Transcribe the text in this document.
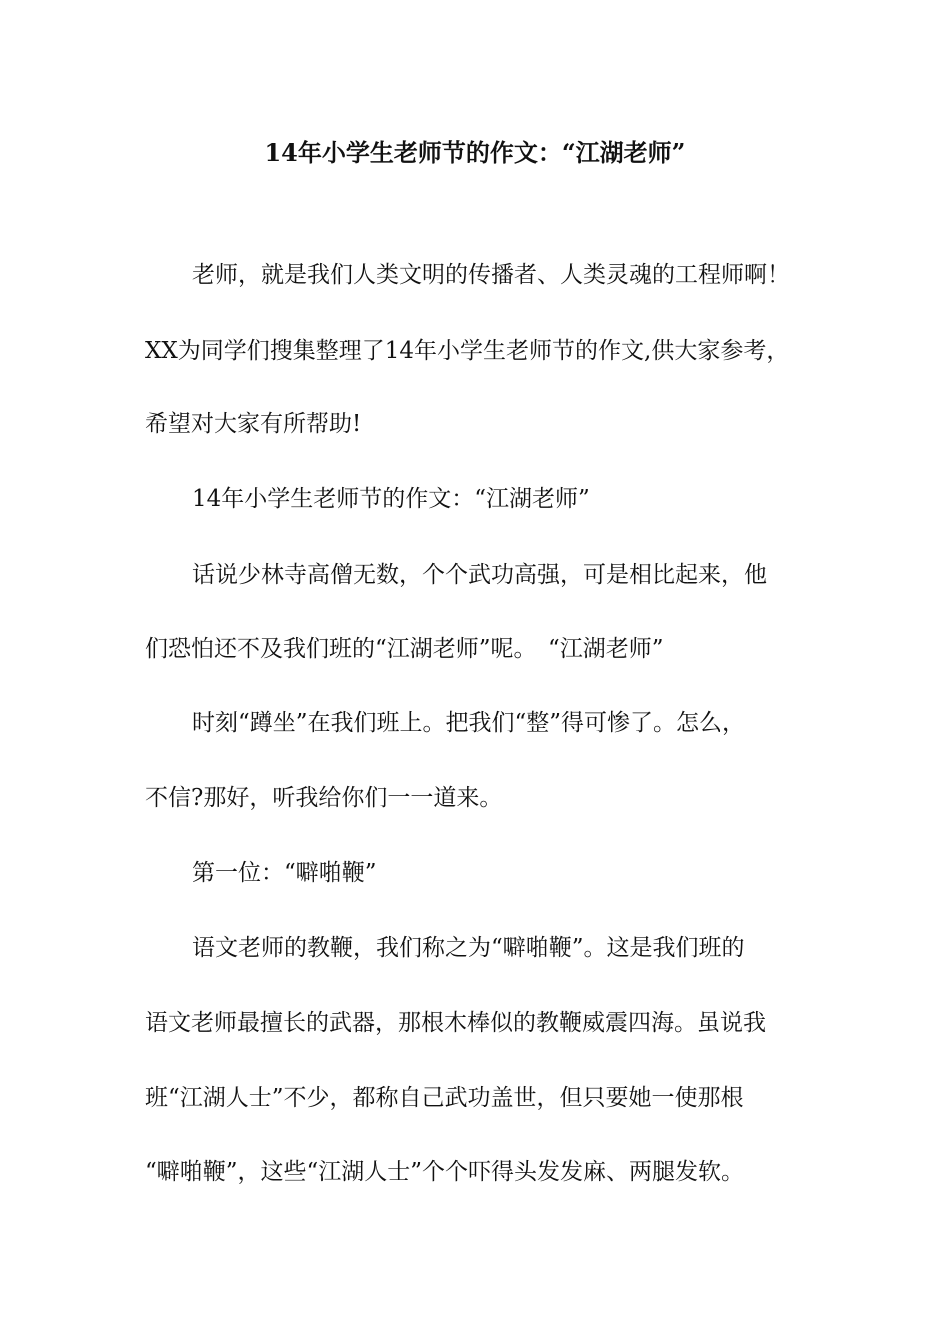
14年小学生老师节的作文：“江湖老师”
老师，就是我们人类文明的传播者、人类灵魂的工程师啊！
XX为同学们搜集整理了14年小学生老师节的作文,供大家参考，
希望对大家有所帮助!
14年小学生老师节的作文：“江湖老师”
话说少林寺高僧无数，个个武功高强，可是相比起来，他
们恐怕还不及我们班的“江湖老师”呢。　“江湖老师”
时刻“蹲坐”在我们班上。把我们“整”得可惨了。怎么，
不信?那好，听我给你们一一道来。
第一位：“噼啪鞭”
语文老师的教鞭，我们称之为“噼啪鞭”。这是我们班的
语文老师最擅长的武器，那根木棒似的教鞭威震四海。虽说我
班“江湖人士”不少，都称自己武功盖世，但只要她一使那根
“噼啪鞭”，这些“江湖人士”个个吓得头发发麻、两腿发软。
